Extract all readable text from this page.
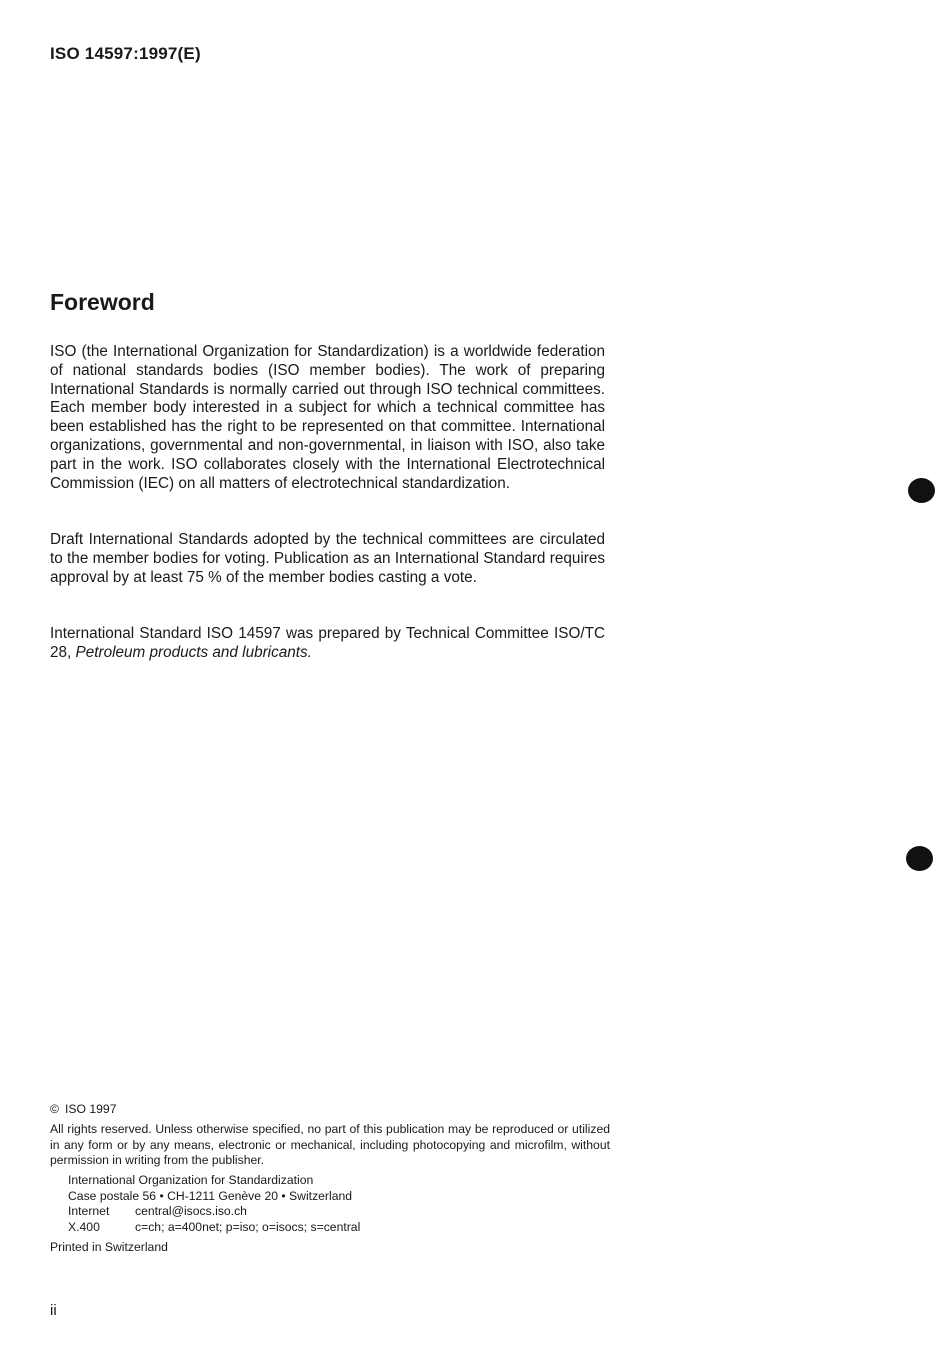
ISO 14597:1997(E)

Foreword

ISO (the International Organization for Standardization) is a worldwide federation of national standards bodies (ISO member bodies). The work of preparing International Standards is normally carried out through ISO technical committees. Each member body interested in a subject for which a technical committee has been established has the right to be represented on that committee. International organizations, governmental and non-governmental, in liaison with ISO, also take part in the work. ISO collaborates closely with the International Electrotechnical Commission (IEC) on all matters of electrotechnical standardization.

Draft International Standards adopted by the technical committees are circulated to the member bodies for voting. Publication as an International Standard requires approval by at least 75 % of the member bodies casting a vote.

International Standard ISO 14597 was prepared by Technical Committee ISO/TC 28, Petroleum products and lubricants.

© ISO 1997

All rights reserved. Unless otherwise specified, no part of this publication may be reproduced or utilized in any form or by any means, electronic or mechanical, including photocopying and microfilm, without permission in writing from the publisher.

International Organization for Standardization
Case postale 56 • CH-1211 Genève 20 • Switzerland
Internet central@isocs.iso.ch
X.400	c=ch; a=400net; p=iso; o=isocs; s=central

Printed in Switzerland

ii
